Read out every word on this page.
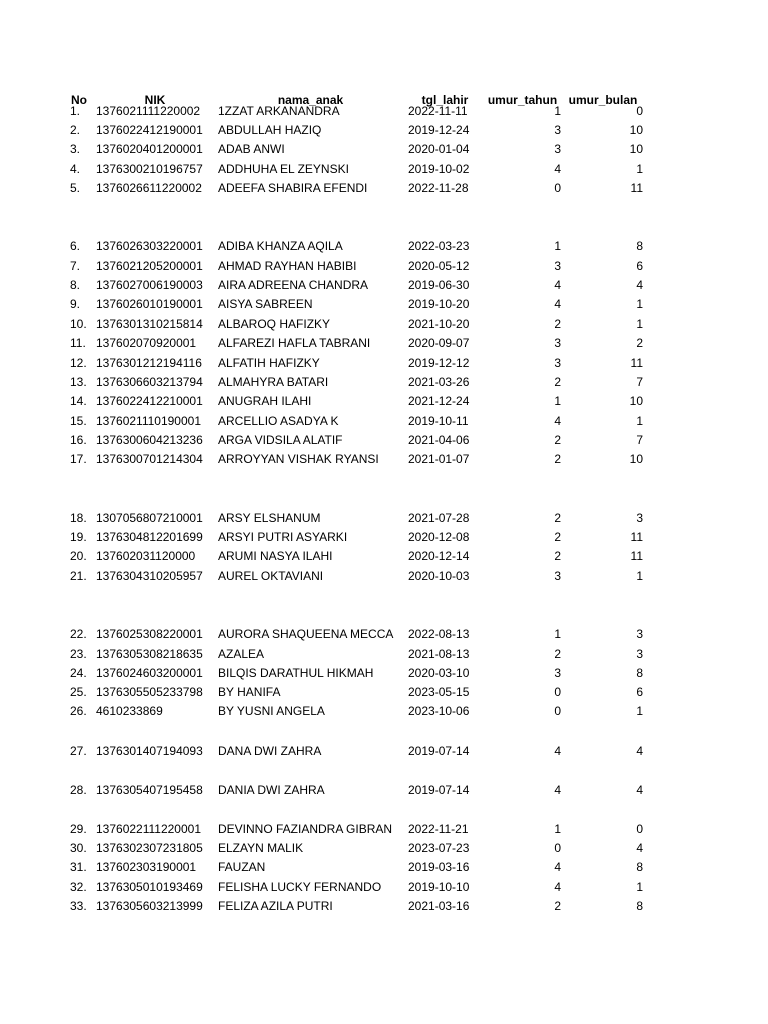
No	NIK	nama_anak	tgl_lahir	umur_tahun umur_bulan
1. 1376021111220002 1ZZAT ARKANANDRA	2022-11-11	1	0
2. 1376022412190001 ABDULLAH HAZIQ	2019-12-24	3	10
3. 1376020401200001 ADAB ANWI	2020-01-04	3	10
4. 1376300210196757 ADDHUHA EL ZEYNSKI	2019-10-02	4	1
5. 1376026611220002 ADEEFA SHABIRA EFENDI	2022-11-28	0	11
6. 1376026303220001 ADIBA KHANZA AQILA	2022-03-23	1	8
7. 1376021205200001 AHMAD RAYHAN HABIBI	2020-05-12	3	6
8. 1376027006190003 AIRA ADREENA CHANDRA	2019-06-30	4	4
9. 1376026010190001 AISYA SABREEN	2019-10-20	4	1
10. 1376301310215814 ALBAROQ HAFIZKY	2021-10-20	2	1
11. 137602070920001 ALFAREZI HAFLA TABRANI	2020-09-07	3	2
12. 1376301212194116 ALFATIH HAFIZKY	2019-12-12	3	11
13. 1376306603213794 ALMAHYRA BATARI	2021-03-26	2	7
14. 1376022412210001 ANUGRAH ILAHI	2021-12-24	1	10
15. 1376021110190001 ARCELLIO ASADYA K	2019-10-11	4	1
16. 1376300604213236 ARGA VIDSILA ALATIF	2021-04-06	2	7
17. 1376300701214304 ARROYYAN VISHAK RYANSI 2021-01-07	2	10
18. 1307056807210001 ARSY ELSHANUM	2021-07-28	2	3
19. 1376304812201699 ARSYI PUTRI ASYARKI	2020-12-08	2	11
20. 137602031120000 ARUMI NASYA ILAHI	2020-12-14	2	11
21. 1376304310205957 AUREL OKTAVIANI	2020-10-03	3	1
22. 1376025308220001 AURORA SHAQUEENA MECCA 2022-08-13	1	3
23. 1376305308218635 AZALEA	2021-08-13	2	3
24. 1376024603200001 BILQIS DARATHUL HIKMAH	2020-03-10	3	8
25. 1376305505233798 BY HANIFA	2023-05-15	0	6
26. 4610233869	BY YUSNI ANGELA	2023-10-06	0	1
27. 1376301407194093 DANA DWI ZAHRA	2019-07-14	4	4
28. 1376305407195458 DANIA DWI ZAHRA	2019-07-14	4	4
29. 1376022111220001 DEVINNO FAZIANDRA GIBRAN 2022-11-21	1	0
30. 1376302307231805 ELZAYN MALIK	2023-07-23	0	4
31. 137602303190001 FAUZAN	2019-03-16	4	8
32. 1376305010193469 FELISHA LUCKY FERNANDO 2019-10-10	4	1
33. 1376305603213999 FELIZA AZILA PUTRI	2021-03-16	2	8
